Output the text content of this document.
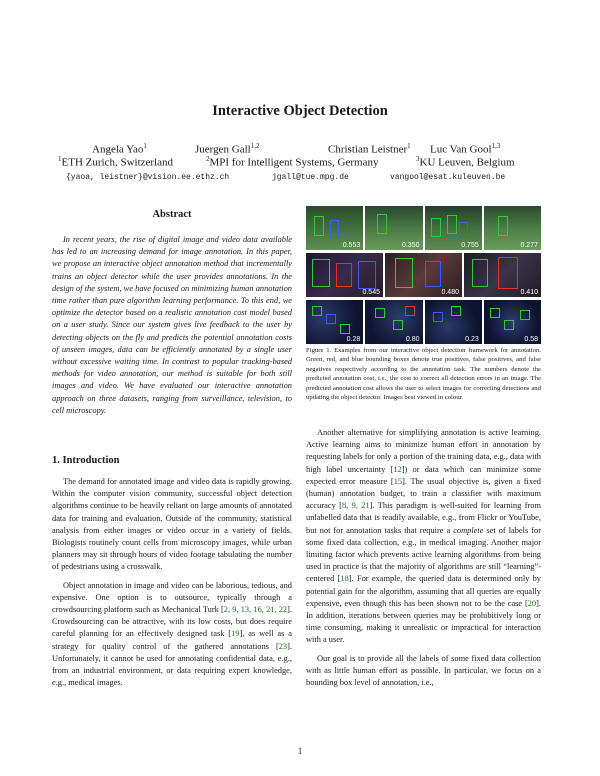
Interactive Object Detection
Angela Yao$^1$	Juergen Gall$^{1,2}$	Christian Leistner$^1$ Luc Van Gool$^{1,3}$
$^1$ETH Zurich, Switzerland	$^2$MPI for Intelligent Systems, Germany	$^3$KU Leuven, Belgium
{yaoa, leistner}@vision.ee.ethz.ch	jgall@tue.mpg.de	vangool@esat.kuleuven.be
Abstract
In recent years, the rise of digital image and video data available has led to an increasing demand for image annotation. In this paper, we propose an interactive object annotation method that incrementally trains an object detector while the user provides annotations. In the design of the system, we have focused on minimizing human annotation time rather than pure algorithm learning performance. To this end, we optimize the detector based on a realistic annotation cost model based on a user study. Since our system gives live feedback to the user by detecting objects on the fly and predicts the potential annotation costs of unseen images, data can be efficiently annotated by a single user without excessive waiting time. In contrast to popular tracking-based methods for video annotation, our method is suitable for both still images and video. We have evaluated our interactive annotation approach on three datasets, ranging from surveillance, television, to cell microscopy.
1. Introduction

The demand for annotated image and video data is rapidly growing. Within the computer vision community, successful object detection algorithms continue to be heavily reliant on large amounts of annotated data for training and evaluation. Outside of the community, statistical analysis from either images or video occur in a variety of fields. Biologists routinely count cells from microscopy images, while urban planners may sit through hours of video footage tabulating the number of pedestrians using a crosswalk.

Object annotation in image and video can be laborious, tedious, and expensive. One option is to outsource, typically through a crowdsourcing platform such as Mechanical Turk [2, 9, 13, 16, 21, 22]. Crowdsourcing can be attractive, with its low costs, but does require careful planning for an effectively designed task [19], as well as a strategy for quality control of the gathered annotations [23]. Unfortunately, it cannot be used for annotating confidential data, e.g., from an industrial environment, or data requiring expert knowledge, e.g., medical images.

0.553	0.350	0.755	0.277
0.545	0.480	0.410
0.28	0.80	0.23	0.58
Figure 1. Examples from our interactive object detection framework for annotation. Green, red, and blue bounding boxes denote true positives, false positives, and false negatives respectively according to the annotation task. The numbers denote the predicted annotation cost, i.e., the cost to correct all detection errors in an image. The predicted annotation cost allows the user to select images for correcting detections and updating the object detector. Images best viewed in colour.

Another alternative for simplifying annotation is active learning. Active learning aims to minimize human effort in annotation by requesting labels for only a portion of the training data, e.g., data with high label uncertainty [12]) or data which can minimize some expected error measure [15]. The usual objective is, given a fixed (human) annotation budget, to train a classifier with maximum accuracy [8, 9, 21]. This paradigm is well-suited for learning from unlabelled data that is readily available, e.g., from Flickr or YouTube, but not for annotation tasks that require a complete set of labels for some fixed data collection, e.g., in medical imaging. Another major limiting factor which prevents active learning algorithms from being used in practice is that the majority of algorithms are still “learning”-centered [18]. For example, the queried data is determined only by potential gain for the algorithm, assuming that all queries are equally expensive, even though this has been shown not to be the case [20]. In addition, iterations between queries may be prohibitively long or time consuming, making it unrealistic or impractical for interaction with a user.

Our goal is to provide all the labels of some fixed data collection with as little human effort as possible. In particular, we focus on a bounding box level of annotation, i.e.,

1
